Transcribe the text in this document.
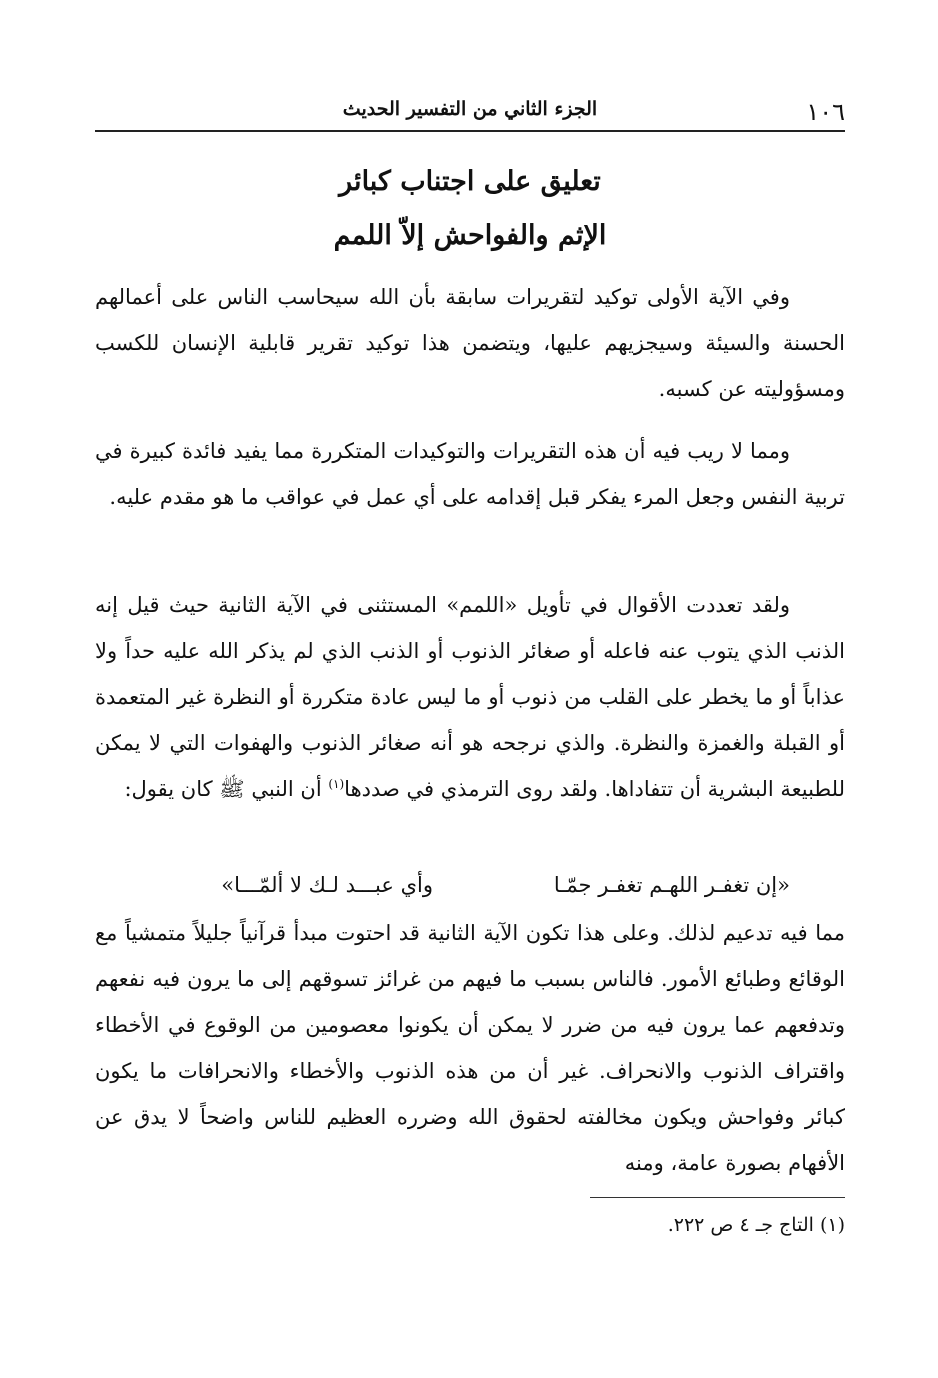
١٠٦
الجزء الثاني من التفسير الحديث
تعليق على اجتناب كبائر
الإثم والفواحش إلاّ اللمم

وفي الآية الأولى توكيد لتقريرات سابقة بأن الله سيحاسب الناس على أعمالهم الحسنة والسيئة وسيجزيهم عليها، ويتضمن هذا توكيد تقرير قابلية الإنسان للكسب ومسؤوليته عن كسبه.

ومما لا ريب فيه أن هذه التقريرات والتوكيدات المتكررة مما يفيد فائدة كبيرة في تربية النفس وجعل المرء يفكر قبل إقدامه على أي عمل في عواقب ما هو مقدم عليه.

ولقد تعددت الأقوال في تأويل «اللمم» المستثنى في الآية الثانية حيث قيل إنه الذنب الذي يتوب عنه فاعله أو صغائر الذنوب أو الذنب الذي لم يذكر الله عليه حداً ولا عذاباً أو ما يخطر على القلب من ذنوب أو ما ليس عادة متكررة أو النظرة غير المتعمدة أو القبلة والغمزة والنظرة. والذي نرجحه هو أنه صغائر الذنوب والهفوات التي لا يمكن للطبيعة البشرية أن تتفاداها. ولقد روى الترمذي في صددها$^{(١)}$ أن النبي ﷺ كان يقول:

«إن تغفـر اللهـم تغفـر جمّـا
وأي عبـــد لـك لا ألمّـــا»

مما فيه تدعيم لذلك. وعلى هذا تكون الآية الثانية قد احتوت مبدأ قرآنياً جليلاً متمشياً مع الوقائع وطبائع الأمور. فالناس بسبب ما فيهم من غرائز تسوقهم إلى ما يرون فيه نفعهم وتدفعهم عما يرون فيه من ضرر لا يمكن أن يكونوا معصومين من الوقوع في الأخطاء واقتراف الذنوب والانحراف. غير أن من هذه الذنوب والأخطاء والانحرافات ما يكون كبائر وفواحش ويكون مخالفته لحقوق الله وضرره العظيم للناس واضحاً لا يدق عن الأفهام بصورة عامة، ومنه

(١) التاج جـ ٤ ص ٢٢٢.
